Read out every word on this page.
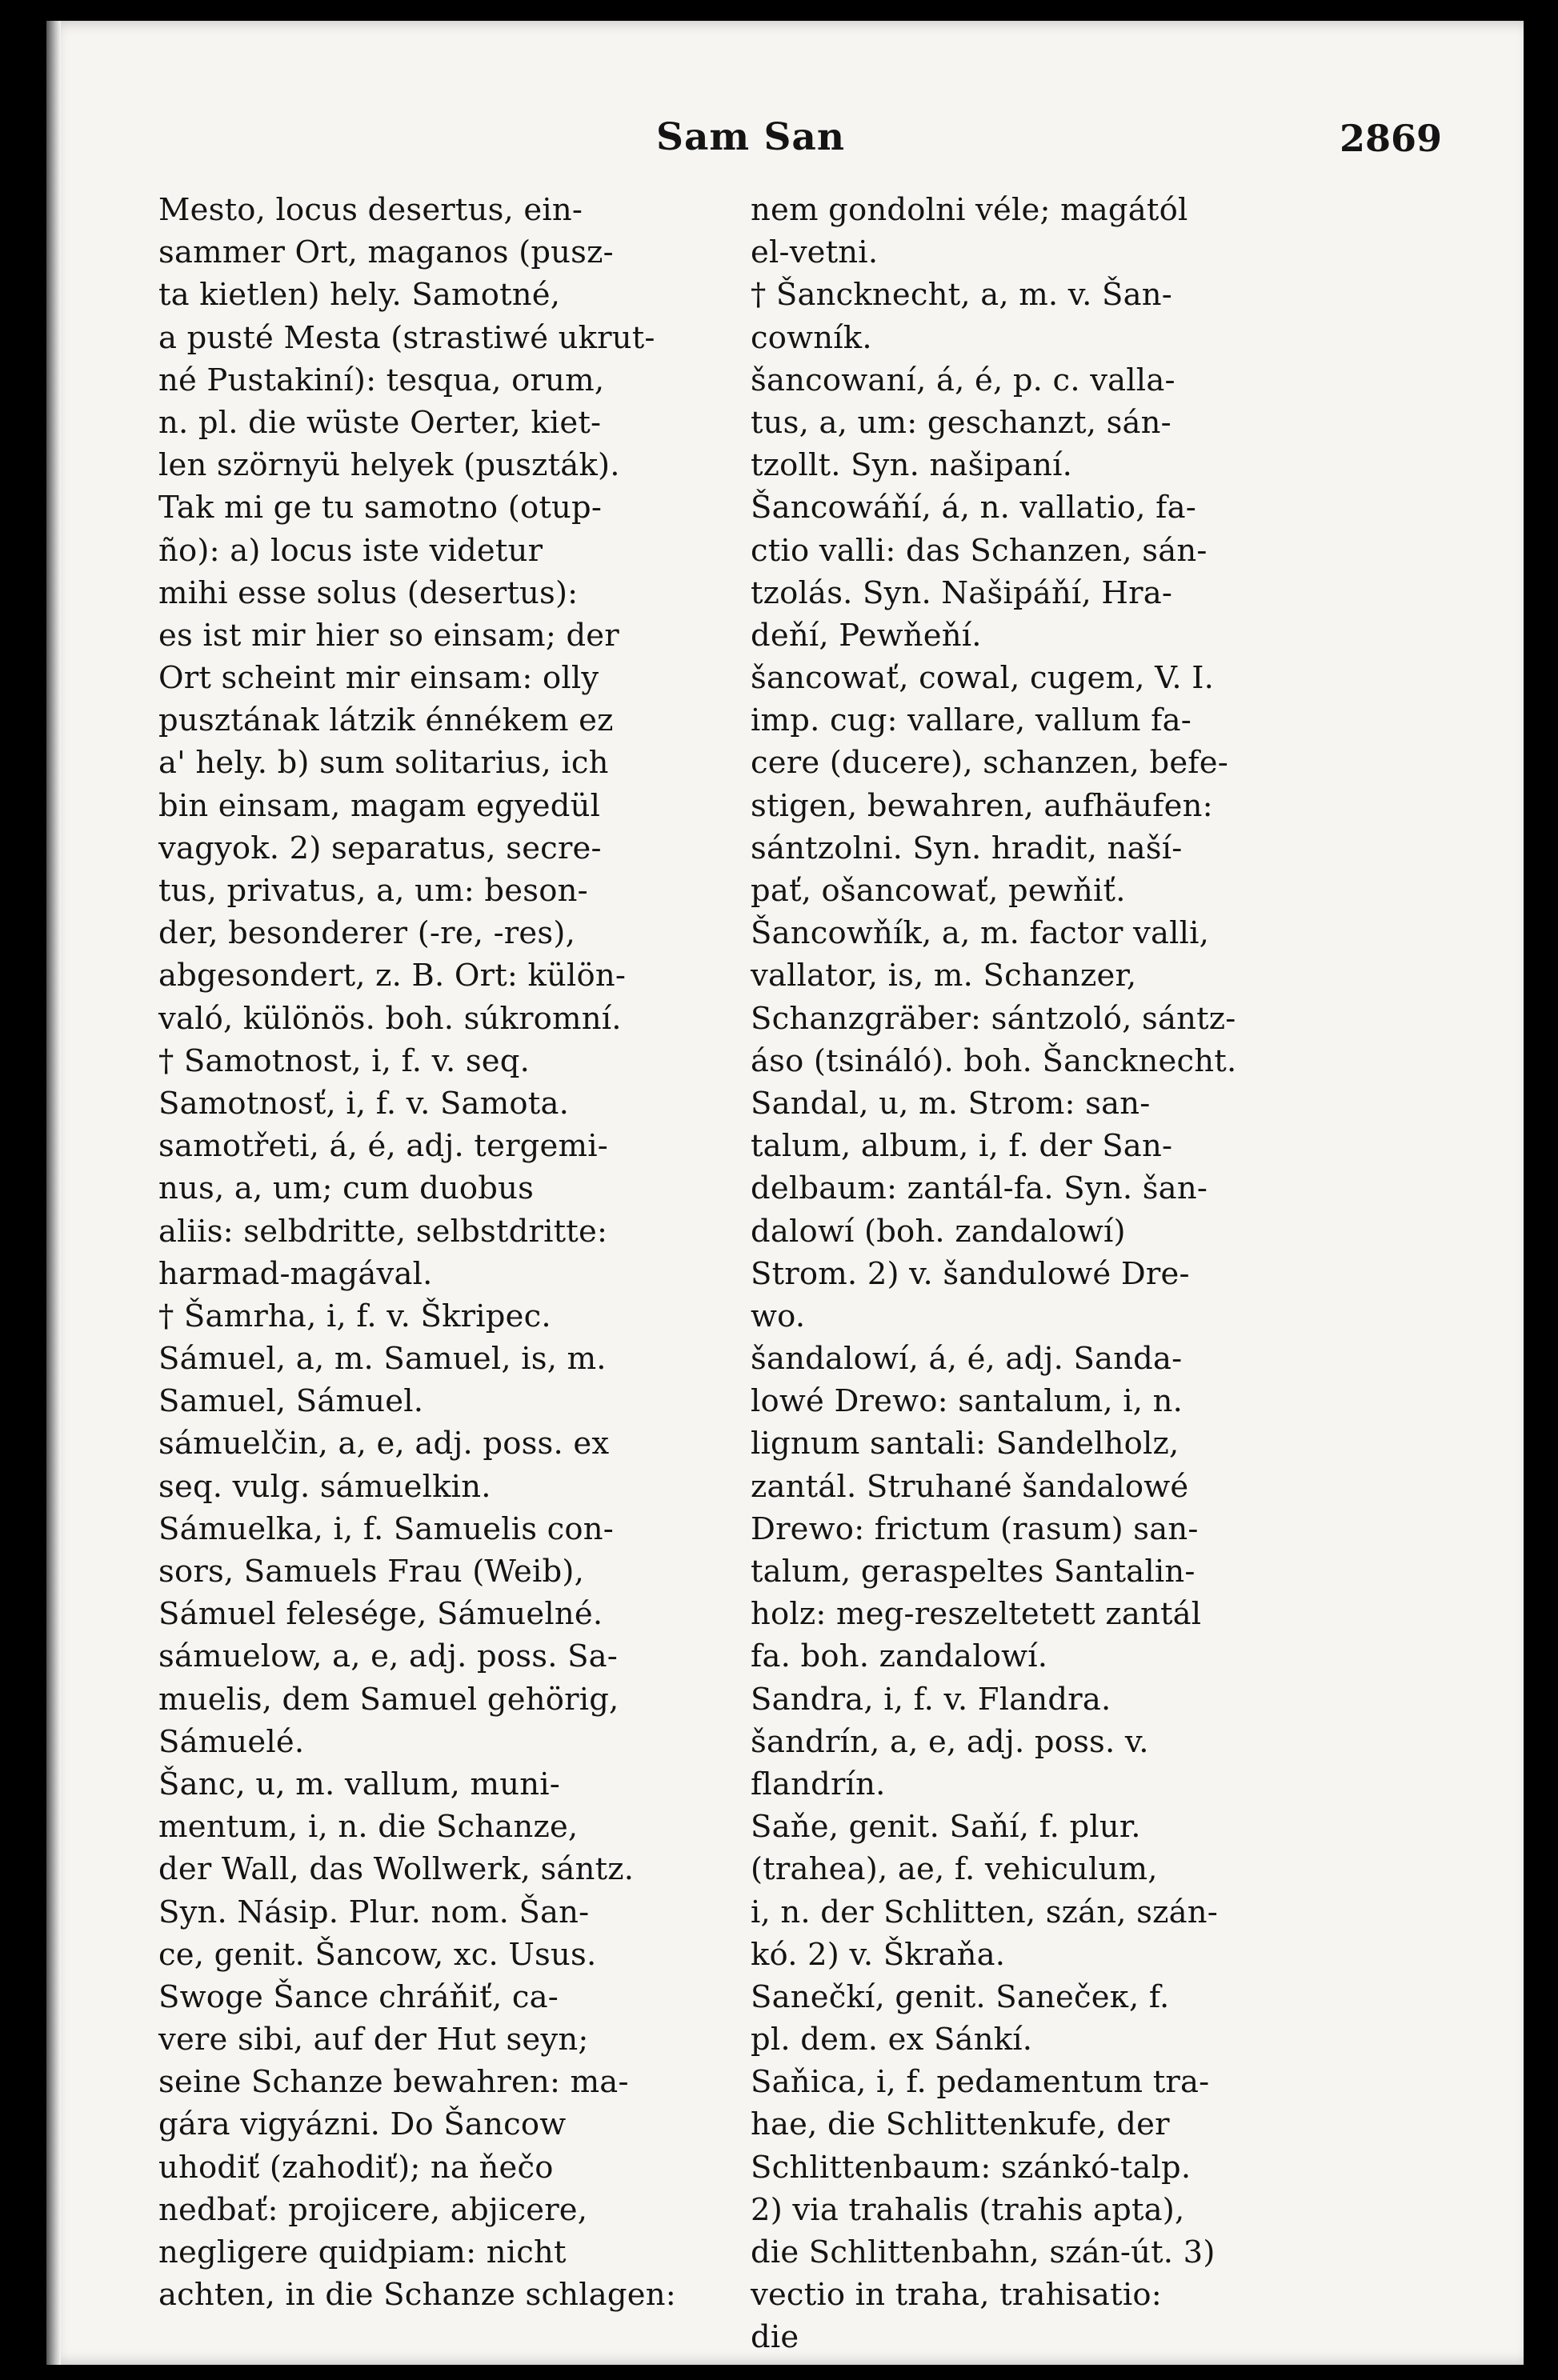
Sam San	2869
Mesto, locus desertus, ein-
sammer Ort, maganos (pusz-
ta kietlen) hely. Samotné,
a pusté Mesta (strastiwé ukrut-
né Pustakiní): tesqua, orum,
n. pl. die wüste Oerter, kiet-
len szörnyü helyek (puszták).
Tak mi ge tu samotno (otup-
ño): a) locus iste videtur
mihi esse solus (desertus):
es ist mir hier so einsam; der
Ort scheint mir einsam: olly
pusztának látzik énnékem ez
a' hely. b) sum solitarius, ich
bin einsam, magam egyedül
vagyok. 2) separatus, secre-
tus, privatus, a, um: beson-
der, besonderer (-re, -res),
abgesondert, z. B. Ort: külön-
való, különös. boh. súkromní.
† Samotnost, i, f. v. seq.
Samotnosť, i, f. v. Samota.
samotřeti, á, é, adj. tergemi-
nus, a, um; cum duobus
aliis: selbdritte, selbstdritte:
harmad-magával.
† Šamrha, i, f. v. Škripec.
Sámuel, a, m. Samuel, is, m.
Samuel, Sámuel.
sámuelčin, a, e, adj. poss. ex
seq. vulg. sámuelkin.
Sámuelka, i, f. Samuelis con-
sors, Samuels Frau (Weib),
Sámuel felesége, Sámuelné.
sámuelow, a, e, adj. poss. Sa-
muelis, dem Samuel gehörig,
Sámuelé.
Šanc, u, m. vallum, muni-
mentum, i, n. die Schanze,
der Wall, das Wollwerk, sántz.
Syn. Násip. Plur. nom. Šan-
ce, genit. Šancow, xc. Usus.
Swoge Šance chráňiť, ca-
vere sibi, auf der Hut seyn;
seine Schanze bewahren: ma-
gára vigyázni. Do Šancow
uhodiť (zahodiť); na ňečo
nedbať: projicere, abjicere,
negligere quidpiam: nicht
achten, in die Schanze schlagen:
nem gondolni véle; magától
el-vetni.
† Šancknecht, a, m. v. Šan-
cowník.
šancowaní, á, é, p. c. valla-
tus, a, um: geschanzt, sán-
tzollt. Syn. našipaní.
Šancowáňí, á, n. vallatio, fa-
ctio valli: das Schanzen, sán-
tzolás. Syn. Našipáňí, Hra-
deňí, Pewňeňí.
šancowať, cowal, cugem, V. I.
imp. cug: vallare, vallum fa-
cere (ducere), schanzen, befe-
stigen, bewahren, aufhäufen:
sántzolni. Syn. hradit, naší-
pať, ošancowať, pewňiť.
Šancowňík, a, m. factor valli,
vallator, is, m. Schanzer,
Schanzgräber: sántzoló, sántz-
áso (tsináló). boh. Šancknecht.
Sandal, u, m. Strom: san-
talum, album, i, f. der San-
delbaum: zantál-fa. Syn. šan-
dalowí (boh. zandalowí)
Strom. 2) v. šandulowé Dre-
wo.
šandalowí, á, é, adj. Sanda-
lowé Drewo: santalum, i, n.
lignum santali: Sandelholz,
zantál. Struhané šandalowé
Drewo: frictum (rasum) san-
talum, geraspeltes Santalin-
holz: meg-reszeltetett zantál
fa. boh. zandalowí.
Sandra, i, f. v. Flandra.
šandrín, a, e, adj. poss. v.
flandrín.
Saňe, genit. Saňí, f. plur.
(trahea), ae, f. vehiculum,
i, n. der Schlitten, szán, szán-
kó. 2) v. Škraňa.
Sanečkí, genit. Sanečeк, f.
pl. dem. ex Sánkí.
Saňica, i, f. pedamentum tra-
hae, die Schlittenkufe, der
Schlittenbaum: szánkó-talp.
2) via trahalis (trahis apta),
die Schlittenbahn, szán-út. 3)
vectio in traha, trahisatio:
die
